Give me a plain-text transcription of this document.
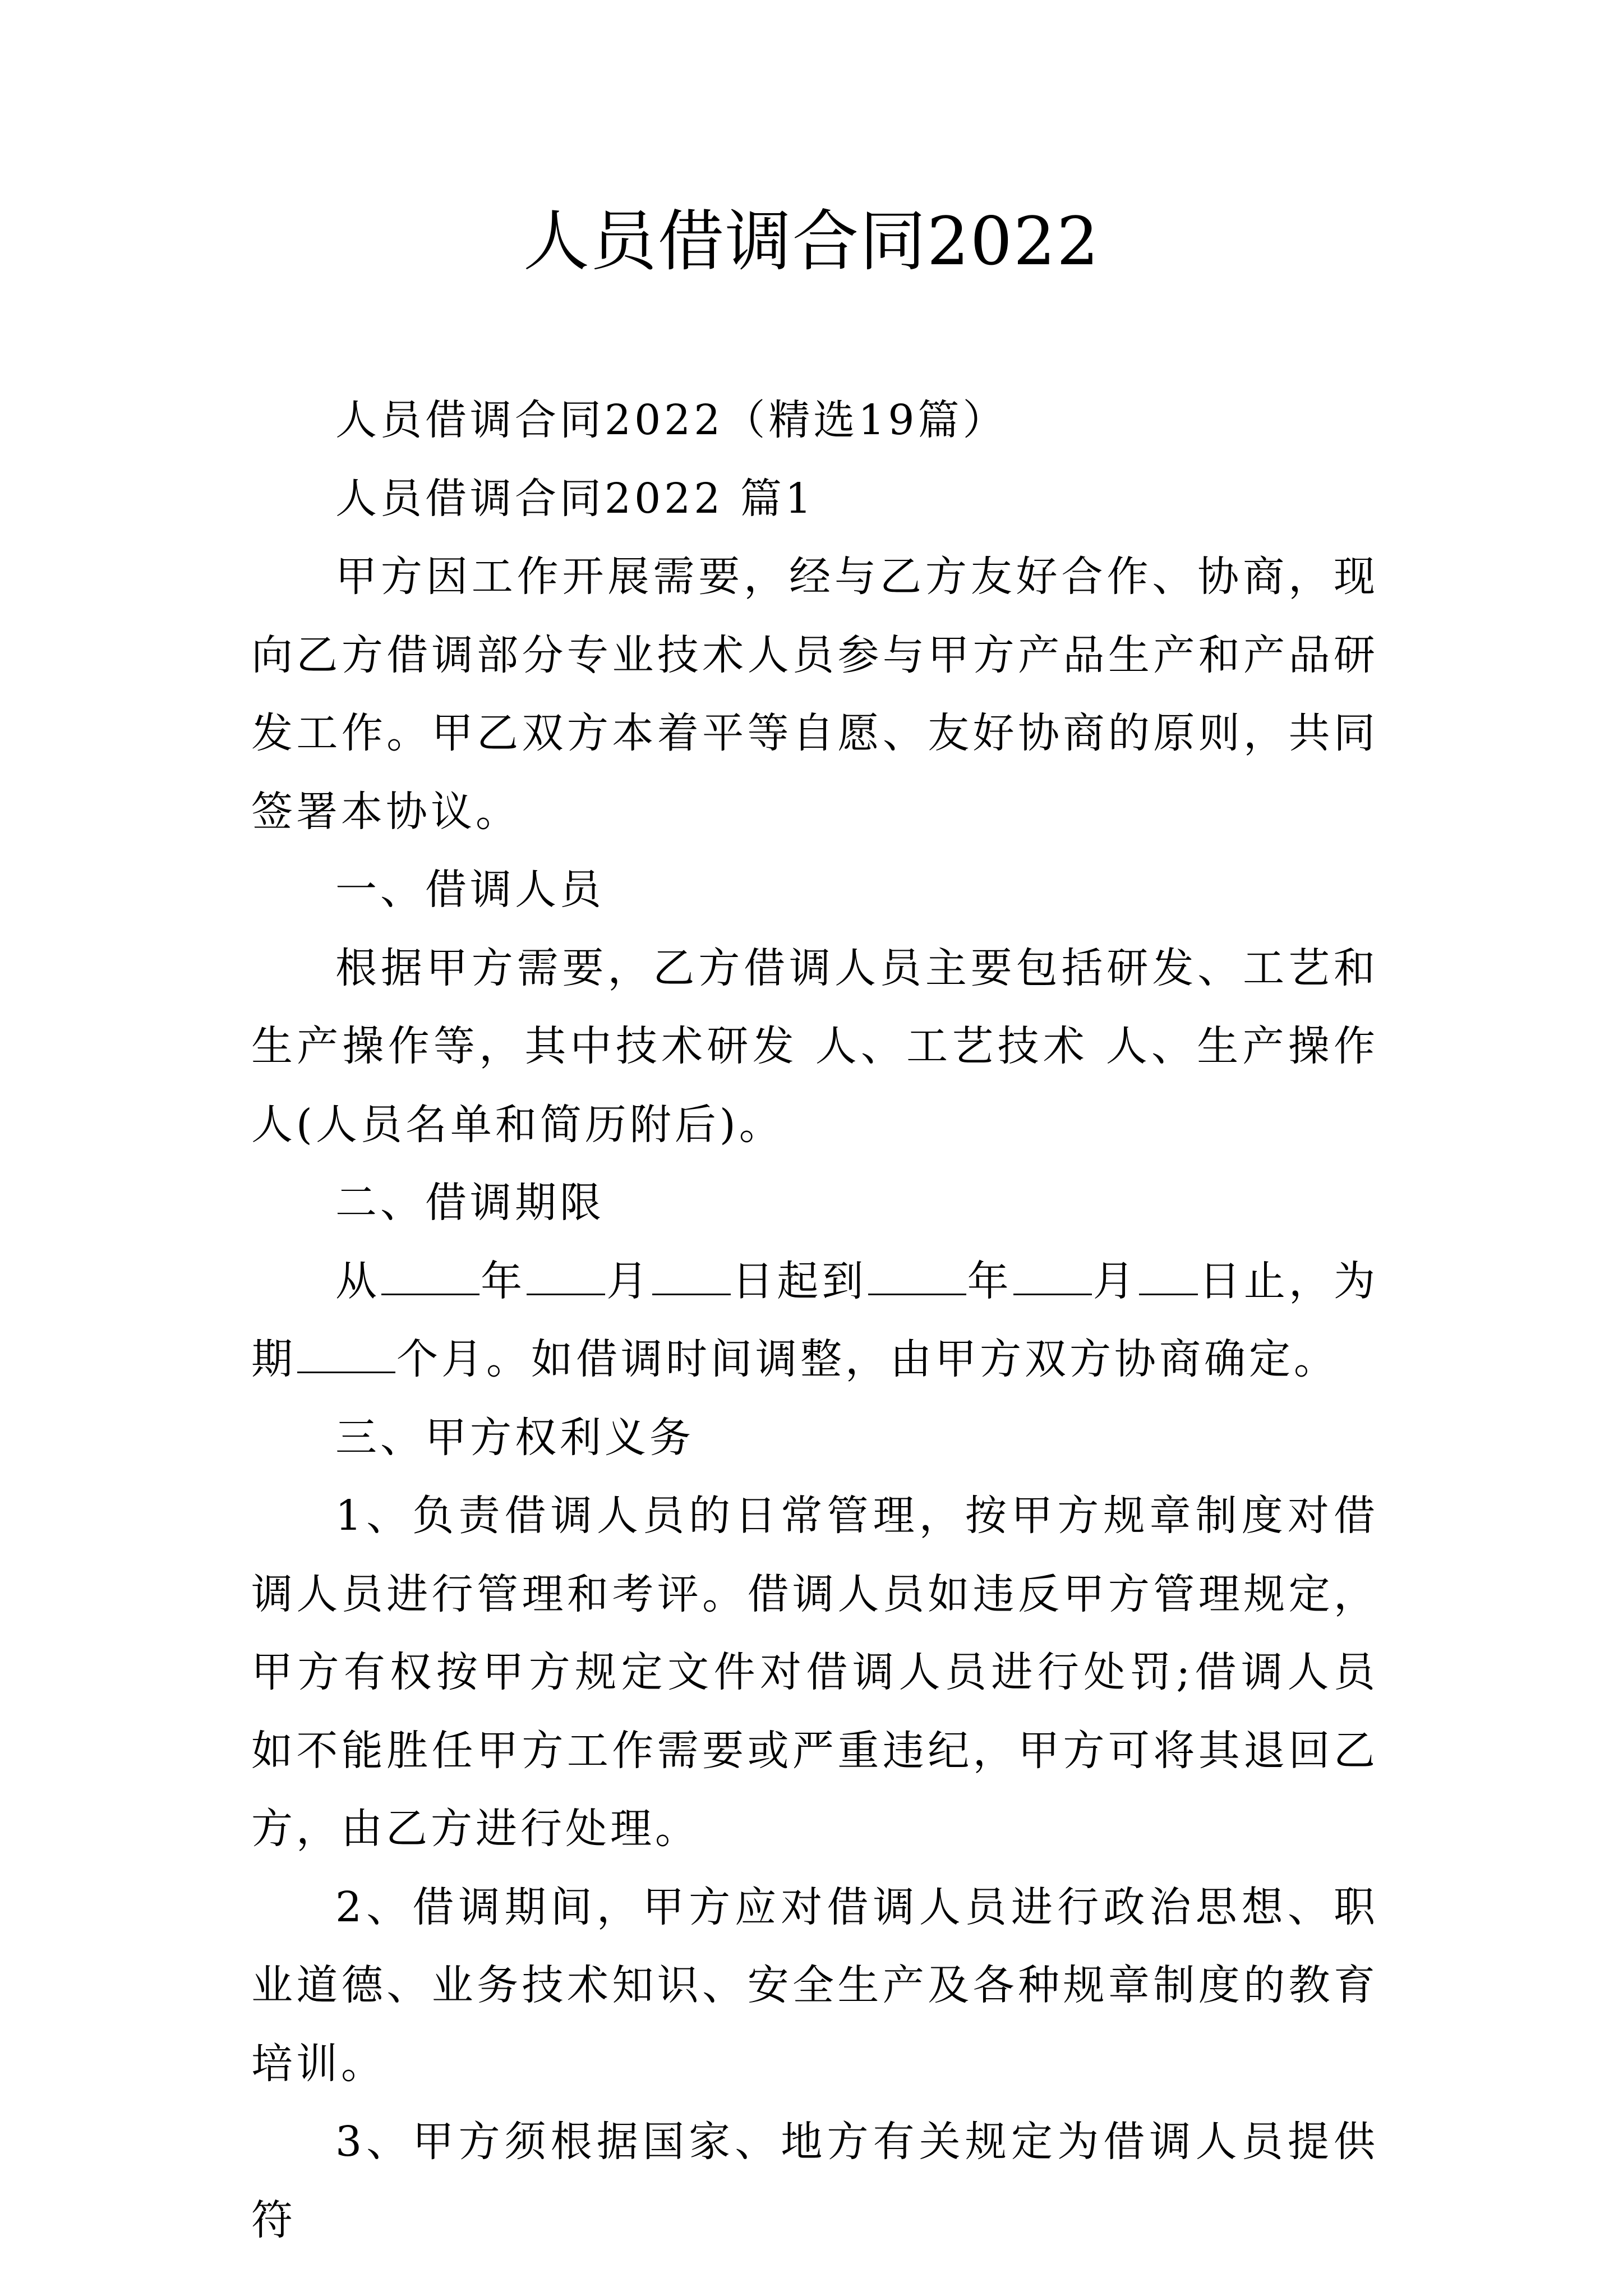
人员借调合同2022

人员借调合同2022（精选19篇）

人员借调合同2022 篇1

甲方因工作开展需要，经与乙方友好合作、协商，现向乙方借调部分专业技术人员参与甲方产品生产和产品研发工作。甲乙双方本着平等自愿、友好协商的原则，共同签署本协议。

一、借调人员

根据甲方需要，乙方借调人员主要包括研发、工艺和生产操作等，其中技术研发 人、工艺技术 人、生产操作 人(人员名单和简历附后)。

二、借调期限

从 年 月 日起到 年 月 日止，为期 个月。如借调时间调整，由甲方双方协商确定。

三、甲方权利义务

1、负责借调人员的日常管理，按甲方规章制度对借调人员进行管理和考评。借调人员如违反甲方管理规定，甲方有权按甲方规定文件对借调人员进行处罚;借调人员如不能胜任甲方工作需要或严重违纪，甲方可将其退回乙方，由乙方进行处理。

2、借调期间，甲方应对借调人员进行政治思想、职业道德、业务技术知识、安全生产及各种规章制度的教育培训。

3、甲方须根据国家、地方有关规定为借调人员提供符
